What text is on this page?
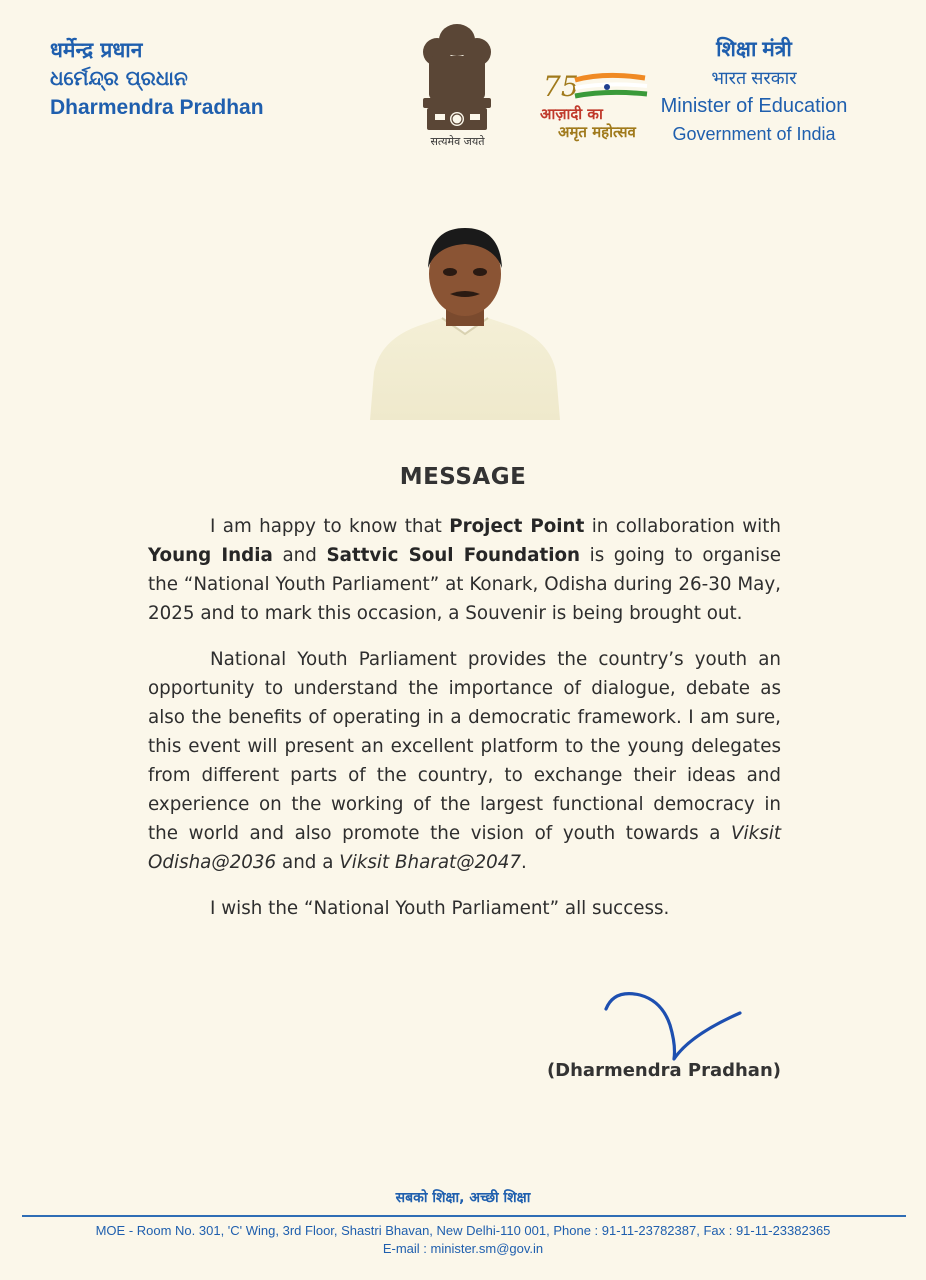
धर्मेन्द्र प्रधान
ଧର୍ମେନ୍ଦ୍ର ପ୍ରଧାନ
Dharmendra Pradhan
सत्यमेव जयते
75
आज़ादी का
अमृत महोत्सव
शिक्षा मंत्री
भारत सरकार
Minister of Education
Government of India
MESSAGE

I am happy to know that Project Point in collaboration with Young India and Sattvic Soul Foundation is going to organise the “National Youth Parliament” at Konark, Odisha during 26-30 May, 2025 and to mark this occasion, a Souvenir is being brought out.

National Youth Parliament provides the country’s youth an opportunity to understand the importance of dialogue, debate as also the benefits of operating in a democratic framework. I am sure, this event will present an excellent platform to the young delegates from different parts of the country, to exchange their ideas and experience on the working of the largest functional democracy in the world and also promote the vision of youth towards a Viksit Odisha@2036 and a Viksit Bharat@2047.

I wish the “National Youth Parliament” all success.
(Dharmendra Pradhan)
सबको शिक्षा, अच्छी शिक्षा
MOE - Room No. 301, 'C' Wing, 3rd Floor, Shastri Bhavan, New Delhi-110 001, Phone : 91-11-23782387, Fax : 91-11-23382365
E-mail : minister.sm@gov.in
